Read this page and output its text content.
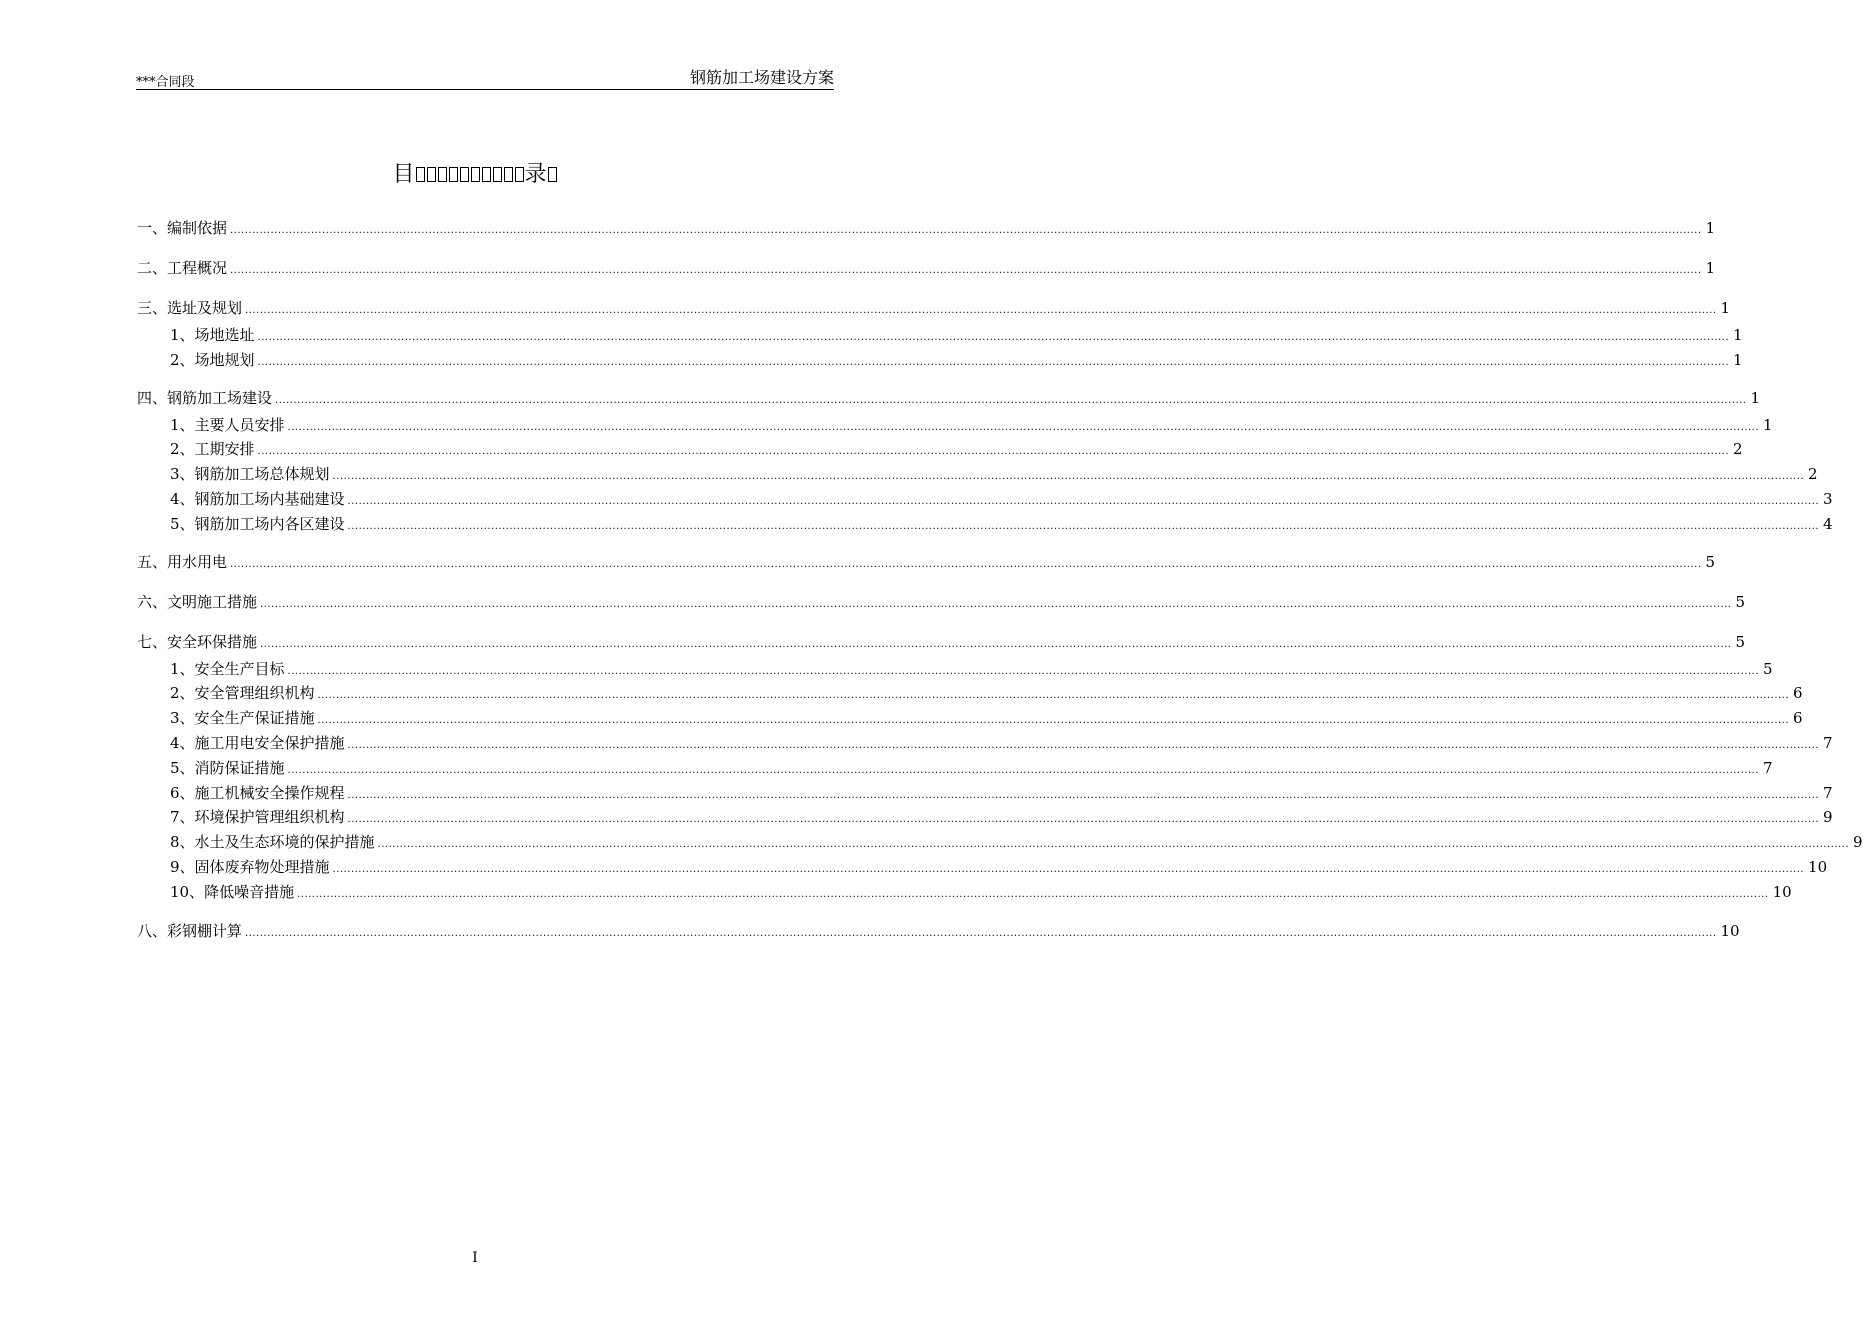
***合同段	钢筋加工场建设方案
目	录
一、编制依据 ................................................................................................................................................................................................................................................................................................................................................................................................................ 1
二、工程概况 ................................................................................................................................................................................................................................................................................................................................................................................................................ 1
三、选址及规划 ................................................................................................................................................................................................................................................................................................................................................................................................................ 1
1、场地选址 ................................................................................................................................................................................................................................................................................................................................................................................................................ 1
2、场地规划 ................................................................................................................................................................................................................................................................................................................................................................................................................ 1
四、钢筋加工场建设 ................................................................................................................................................................................................................................................................................................................................................................................................................ 1
1、主要人员安排 ................................................................................................................................................................................................................................................................................................................................................................................................................ 1
2、工期安排 ................................................................................................................................................................................................................................................................................................................................................................................................................ 2
3、钢筋加工场总体规划 ................................................................................................................................................................................................................................................................................................................................................................................................................ 2
4、钢筋加工场内基础建设 ................................................................................................................................................................................................................................................................................................................................................................................................................ 3
5、钢筋加工场内各区建设 ................................................................................................................................................................................................................................................................................................................................................................................................................ 4
五、用水用电 ................................................................................................................................................................................................................................................................................................................................................................................................................ 5
六、文明施工措施 ................................................................................................................................................................................................................................................................................................................................................................................................................ 5
七、安全环保措施 ................................................................................................................................................................................................................................................................................................................................................................................................................ 5
1、安全生产目标 ................................................................................................................................................................................................................................................................................................................................................................................................................ 5
2、安全管理组织机构 ................................................................................................................................................................................................................................................................................................................................................................................................................ 6
3、安全生产保证措施 ................................................................................................................................................................................................................................................................................................................................................................................................................ 6
4、施工用电安全保护措施 ................................................................................................................................................................................................................................................................................................................................................................................................................ 7
5、消防保证措施 ................................................................................................................................................................................................................................................................................................................................................................................................................ 7
6、施工机械安全操作规程 ................................................................................................................................................................................................................................................................................................................................................................................................................ 7
7、环境保护管理组织机构 ................................................................................................................................................................................................................................................................................................................................................................................................................ 9
8、水土及生态环境的保护措施 ................................................................................................................................................................................................................................................................................................................................................................................................................ 9
9、固体废弃物处理措施 ................................................................................................................................................................................................................................................................................................................................................................................................................ 10
10、降低噪音措施 ................................................................................................................................................................................................................................................................................................................................................................................................................ 10
八、彩钢棚计算 ................................................................................................................................................................................................................................................................................................................................................................................................................ 10
I
